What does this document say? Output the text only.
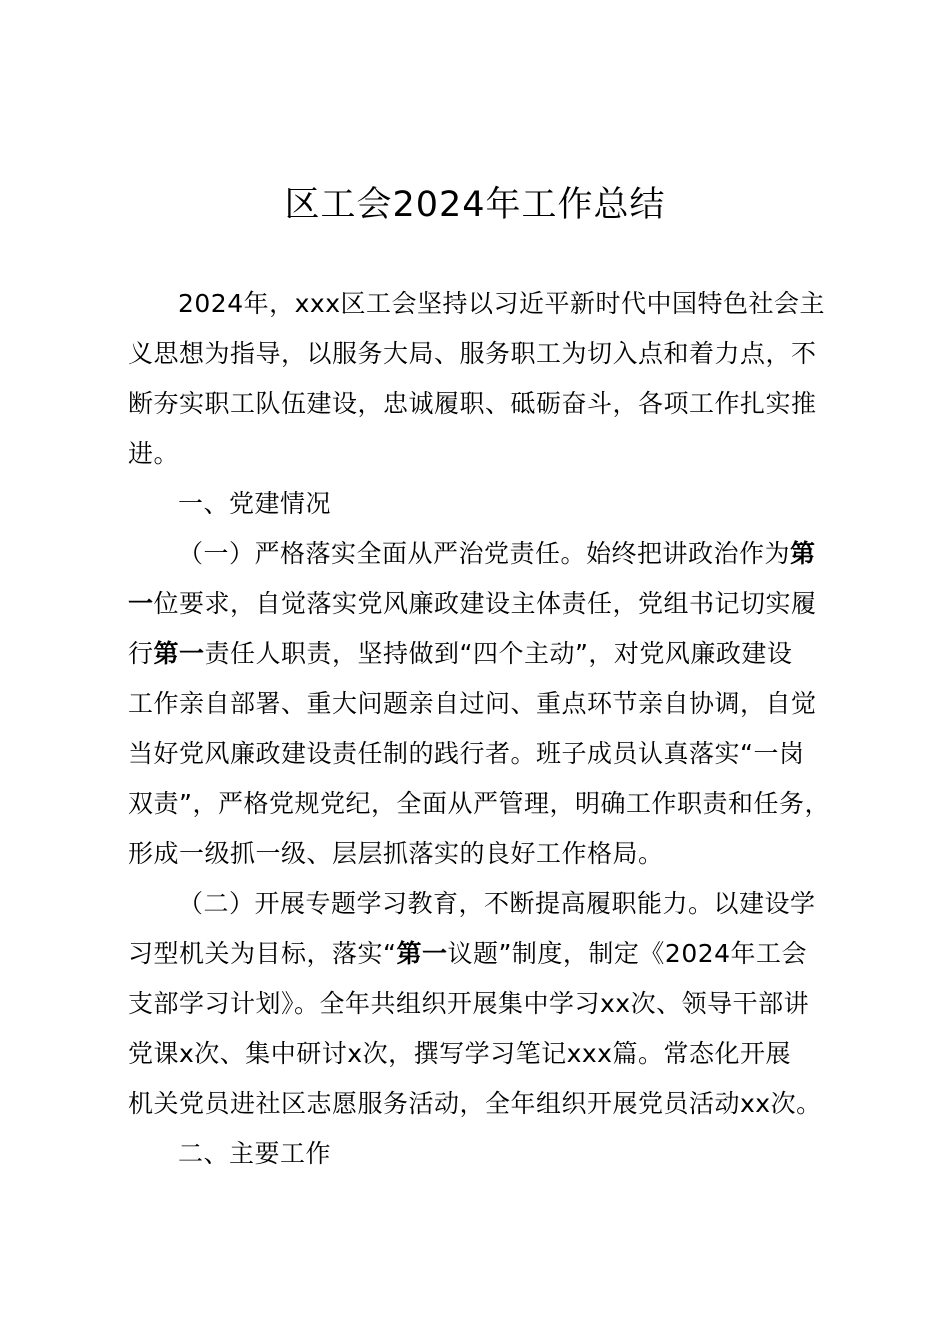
区工会2024年工作总结
2024年，xxx区工会坚持以习近平新时代中国特色社会主
义思想为指导，以服务大局、服务职工为切入点和着力点，不
断夯实职工队伍建设，忠诚履职、砥砺奋斗，各项工作扎实推
进。
一、党建情况
（一）严格落实全面从严治党责任。始终把讲政治作为第
一位要求，自觉落实党风廉政建设主体责任，党组书记切实履
行第一责任人职责，坚持做到“四个主动”，对党风廉政建设
工作亲自部署、重大问题亲自过问、重点环节亲自协调，自觉
当好党风廉政建设责任制的践行者。班子成员认真落实“一岗
双责”，严格党规党纪，全面从严管理，明确工作职责和任务，
形成一级抓一级、层层抓落实的良好工作格局。
（二）开展专题学习教育，不断提高履职能力。以建设学
习型机关为目标，落实“第一议题”制度，制定《2024年工会
支部学习计划》。全年共组织开展集中学习xx次、领导干部讲
党课x次、集中研讨x次，撰写学习笔记xxx篇。常态化开展
机关党员进社区志愿服务活动，全年组织开展党员活动xx次。
二、主要工作
